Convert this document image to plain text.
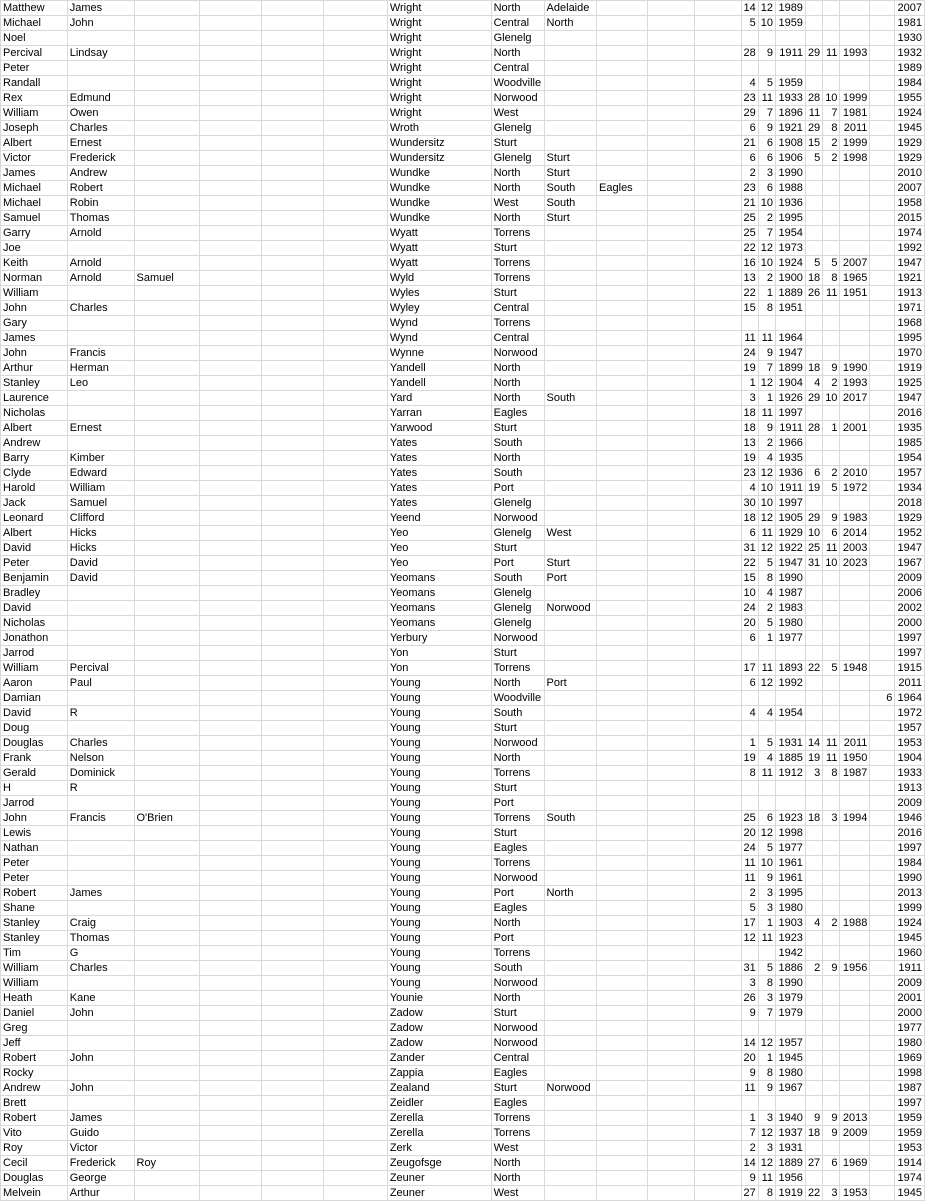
Matthew	James					Wright	North	Adelaide				14	12	1989					2007
Michael	John					Wright	Central	North				5	10	1959					1981
Noel						Wright	Glenelg												1930
Percival	Lindsay					Wright	North					28	9	1911	29	11	1993		1932
Peter						Wright	Central												1989
Randall						Wright	Woodville					4	5	1959					1984
Rex	Edmund					Wright	Norwood					23	11	1933	28	10	1999		1955
William	Owen					Wright	West					29	7	1896	11	7	1981		1924
Joseph	Charles					Wroth	Glenelg					6	9	1921	29	8	2011		1945
Albert	Ernest					Wundersitz	Sturt					21	6	1908	15	2	1999		1929
Victor	Frederick					Wundersitz	Glenelg	Sturt				6	6	1906	5	2	1998		1929
James	Andrew					Wundke	North	Sturt				2	3	1990					2010
Michael	Robert					Wundke	North	South	Eagles			23	6	1988					2007
Michael	Robin					Wundke	West	South				21	10	1936					1958
Samuel	Thomas					Wundke	North	Sturt				25	2	1995					2015
Garry	Arnold					Wyatt	Torrens					25	7	1954					1974
Joe						Wyatt	Sturt					22	12	1973					1992
Keith	Arnold					Wyatt	Torrens					16	10	1924	5	5	2007		1947
Norman	Arnold	Samuel				Wyld	Torrens					13	2	1900	18	8	1965		1921
William						Wyles	Sturt					22	1	1889	26	11	1951		1913
John	Charles					Wyley	Central					15	8	1951					1971
Gary						Wynd	Torrens												1968
James						Wynd	Central					11	11	1964					1995
John	Francis					Wynne	Norwood					24	9	1947					1970
Arthur	Herman					Yandell	North					19	7	1899	18	9	1990		1919
Stanley	Leo					Yandell	North					1	12	1904	4	2	1993		1925
Laurence						Yard	North	South				3	1	1926	29	10	2017		1947
Nicholas						Yarran	Eagles					18	11	1997					2016
Albert	Ernest					Yarwood	Sturt					18	9	1911	28	1	2001		1935
Andrew						Yates	South					13	2	1966					1985
Barry	Kimber					Yates	North					19	4	1935					1954
Clyde	Edward					Yates	South					23	12	1936	6	2	2010		1957
Harold	William					Yates	Port					4	10	1911	19	5	1972		1934
Jack	Samuel					Yates	Glenelg					30	10	1997					2018
Leonard	Clifford					Yeend	Norwood					18	12	1905	29	9	1983		1929
Albert	Hicks					Yeo	Glenelg	West				6	11	1929	10	6	2014		1952
David	Hicks					Yeo	Sturt					31	12	1922	25	11	2003		1947
Peter	David					Yeo	Port	Sturt				22	5	1947	31	10	2023		1967
Benjamin	David					Yeomans	South	Port				15	8	1990					2009
Bradley						Yeomans	Glenelg					10	4	1987					2006
David						Yeomans	Glenelg	Norwood				24	2	1983					2002
Nicholas						Yeomans	Glenelg					20	5	1980					2000
Jonathon						Yerbury	Norwood					6	1	1977					1997
Jarrod						Yon	Sturt												1997
William	Percival					Yon	Torrens					17	11	1893	22	5	1948		1915
Aaron	Paul					Young	North	Port				6	12	1992					2011
Damian						Young	Woodville											6	1964
David	R					Young	South					4	4	1954					1972
Doug						Young	Sturt												1957
Douglas	Charles					Young	Norwood					1	5	1931	14	11	2011		1953
Frank	Nelson					Young	North					19	4	1885	19	11	1950		1904
Gerald	Dominick					Young	Torrens					8	11	1912	3	8	1987		1933
H	R					Young	Sturt												1913
Jarrod						Young	Port												2009
John	Francis	O'Brien				Young	Torrens	South				25	6	1923	18	3	1994		1946
Lewis						Young	Sturt					20	12	1998					2016
Nathan						Young	Eagles					24	5	1977					1997
Peter						Young	Torrens					11	10	1961					1984
Peter						Young	Norwood					11	9	1961					1990
Robert	James					Young	Port	North				2	3	1995					2013
Shane						Young	Eagles					5	3	1980					1999
Stanley	Craig					Young	North					17	1	1903	4	2	1988		1924
Stanley	Thomas					Young	Port					12	11	1923					1945
Tim	G					Young	Torrens							1942					1960
William	Charles					Young	South					31	5	1886	2	9	1956		1911
William						Young	Norwood					3	8	1990					2009
Heath	Kane					Younie	North					26	3	1979					2001
Daniel	John					Zadow	Sturt					9	7	1979					2000
Greg						Zadow	Norwood												1977
Jeff						Zadow	Norwood					14	12	1957					1980
Robert	John					Zander	Central					20	1	1945					1969
Rocky						Zappia	Eagles					9	8	1980					1998
Andrew	John					Zealand	Sturt	Norwood				11	9	1967					1987
Brett						Zeidler	Eagles												1997
Robert	James					Zerella	Torrens					1	3	1940	9	9	2013		1959
Vito	Guido					Zerella	Torrens					7	12	1937	18	9	2009		1959
Roy	Victor					Zerk	West					2	3	1931					1953
Cecil	Frederick	Roy				Zeugofsge	North					14	12	1889	27	6	1969		1914
Douglas	George					Zeuner	North					9	11	1956					1974
Melvein	Arthur					Zeuner	West					27	8	1919	22	3	1953		1945
